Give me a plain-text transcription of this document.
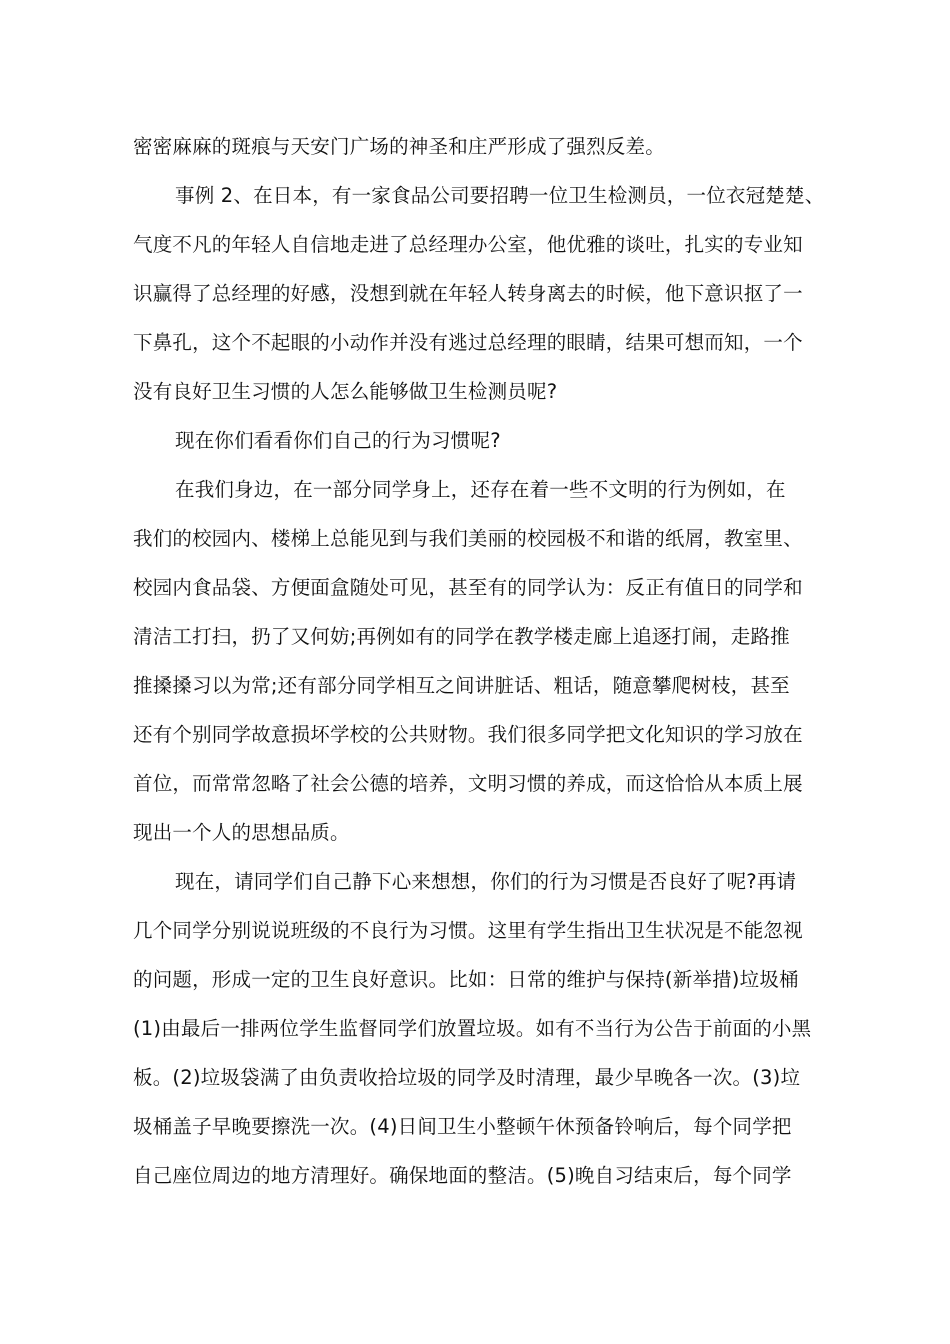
密密麻麻的斑痕与天安门广场的神圣和庄严形成了强烈反差。
事例 2、在日本，有一家食品公司要招聘一位卫生检测员，一位衣冠楚楚、
气度不凡的年轻人自信地走进了总经理办公室，他优雅的谈吐，扎实的专业知
识赢得了总经理的好感，没想到就在年轻人转身离去的时候，他下意识抠了一
下鼻孔，这个不起眼的小动作并没有逃过总经理的眼睛，结果可想而知，一个
没有良好卫生习惯的人怎么能够做卫生检测员呢?
现在你们看看你们自己的行为习惯呢?
在我们身边，在一部分同学身上，还存在着一些不文明的行为例如，在
我们的校园内、楼梯上总能见到与我们美丽的校园极不和谐的纸屑，教室里、
校园内食品袋、方便面盒随处可见，甚至有的同学认为：反正有值日的同学和
清洁工打扫，扔了又何妨;再例如有的同学在教学楼走廊上追逐打闹，走路推
推搡搡习以为常;还有部分同学相互之间讲脏话、粗话，随意攀爬树枝，甚至
还有个别同学故意损坏学校的公共财物。我们很多同学把文化知识的学习放在
首位，而常常忽略了社会公德的培养，文明习惯的养成，而这恰恰从本质上展
现出一个人的思想品质。
现在，请同学们自己静下心来想想，你们的行为习惯是否良好了呢?再请
几个同学分别说说班级的不良行为习惯。这里有学生指出卫生状况是不能忽视
的问题，形成一定的卫生良好意识。比如：日常的维护与保持(新举措)垃圾桶
(1)由最后一排两位学生监督同学们放置垃圾。如有不当行为公告于前面的小黑
板。(2)垃圾袋满了由负责收拾垃圾的同学及时清理，最少早晚各一次。(3)垃
圾桶盖子早晚要擦洗一次。(4)日间卫生小整顿午休预备铃响后，每个同学把
自己座位周边的地方清理好。确保地面的整洁。(5)晚自习结束后，每个同学
